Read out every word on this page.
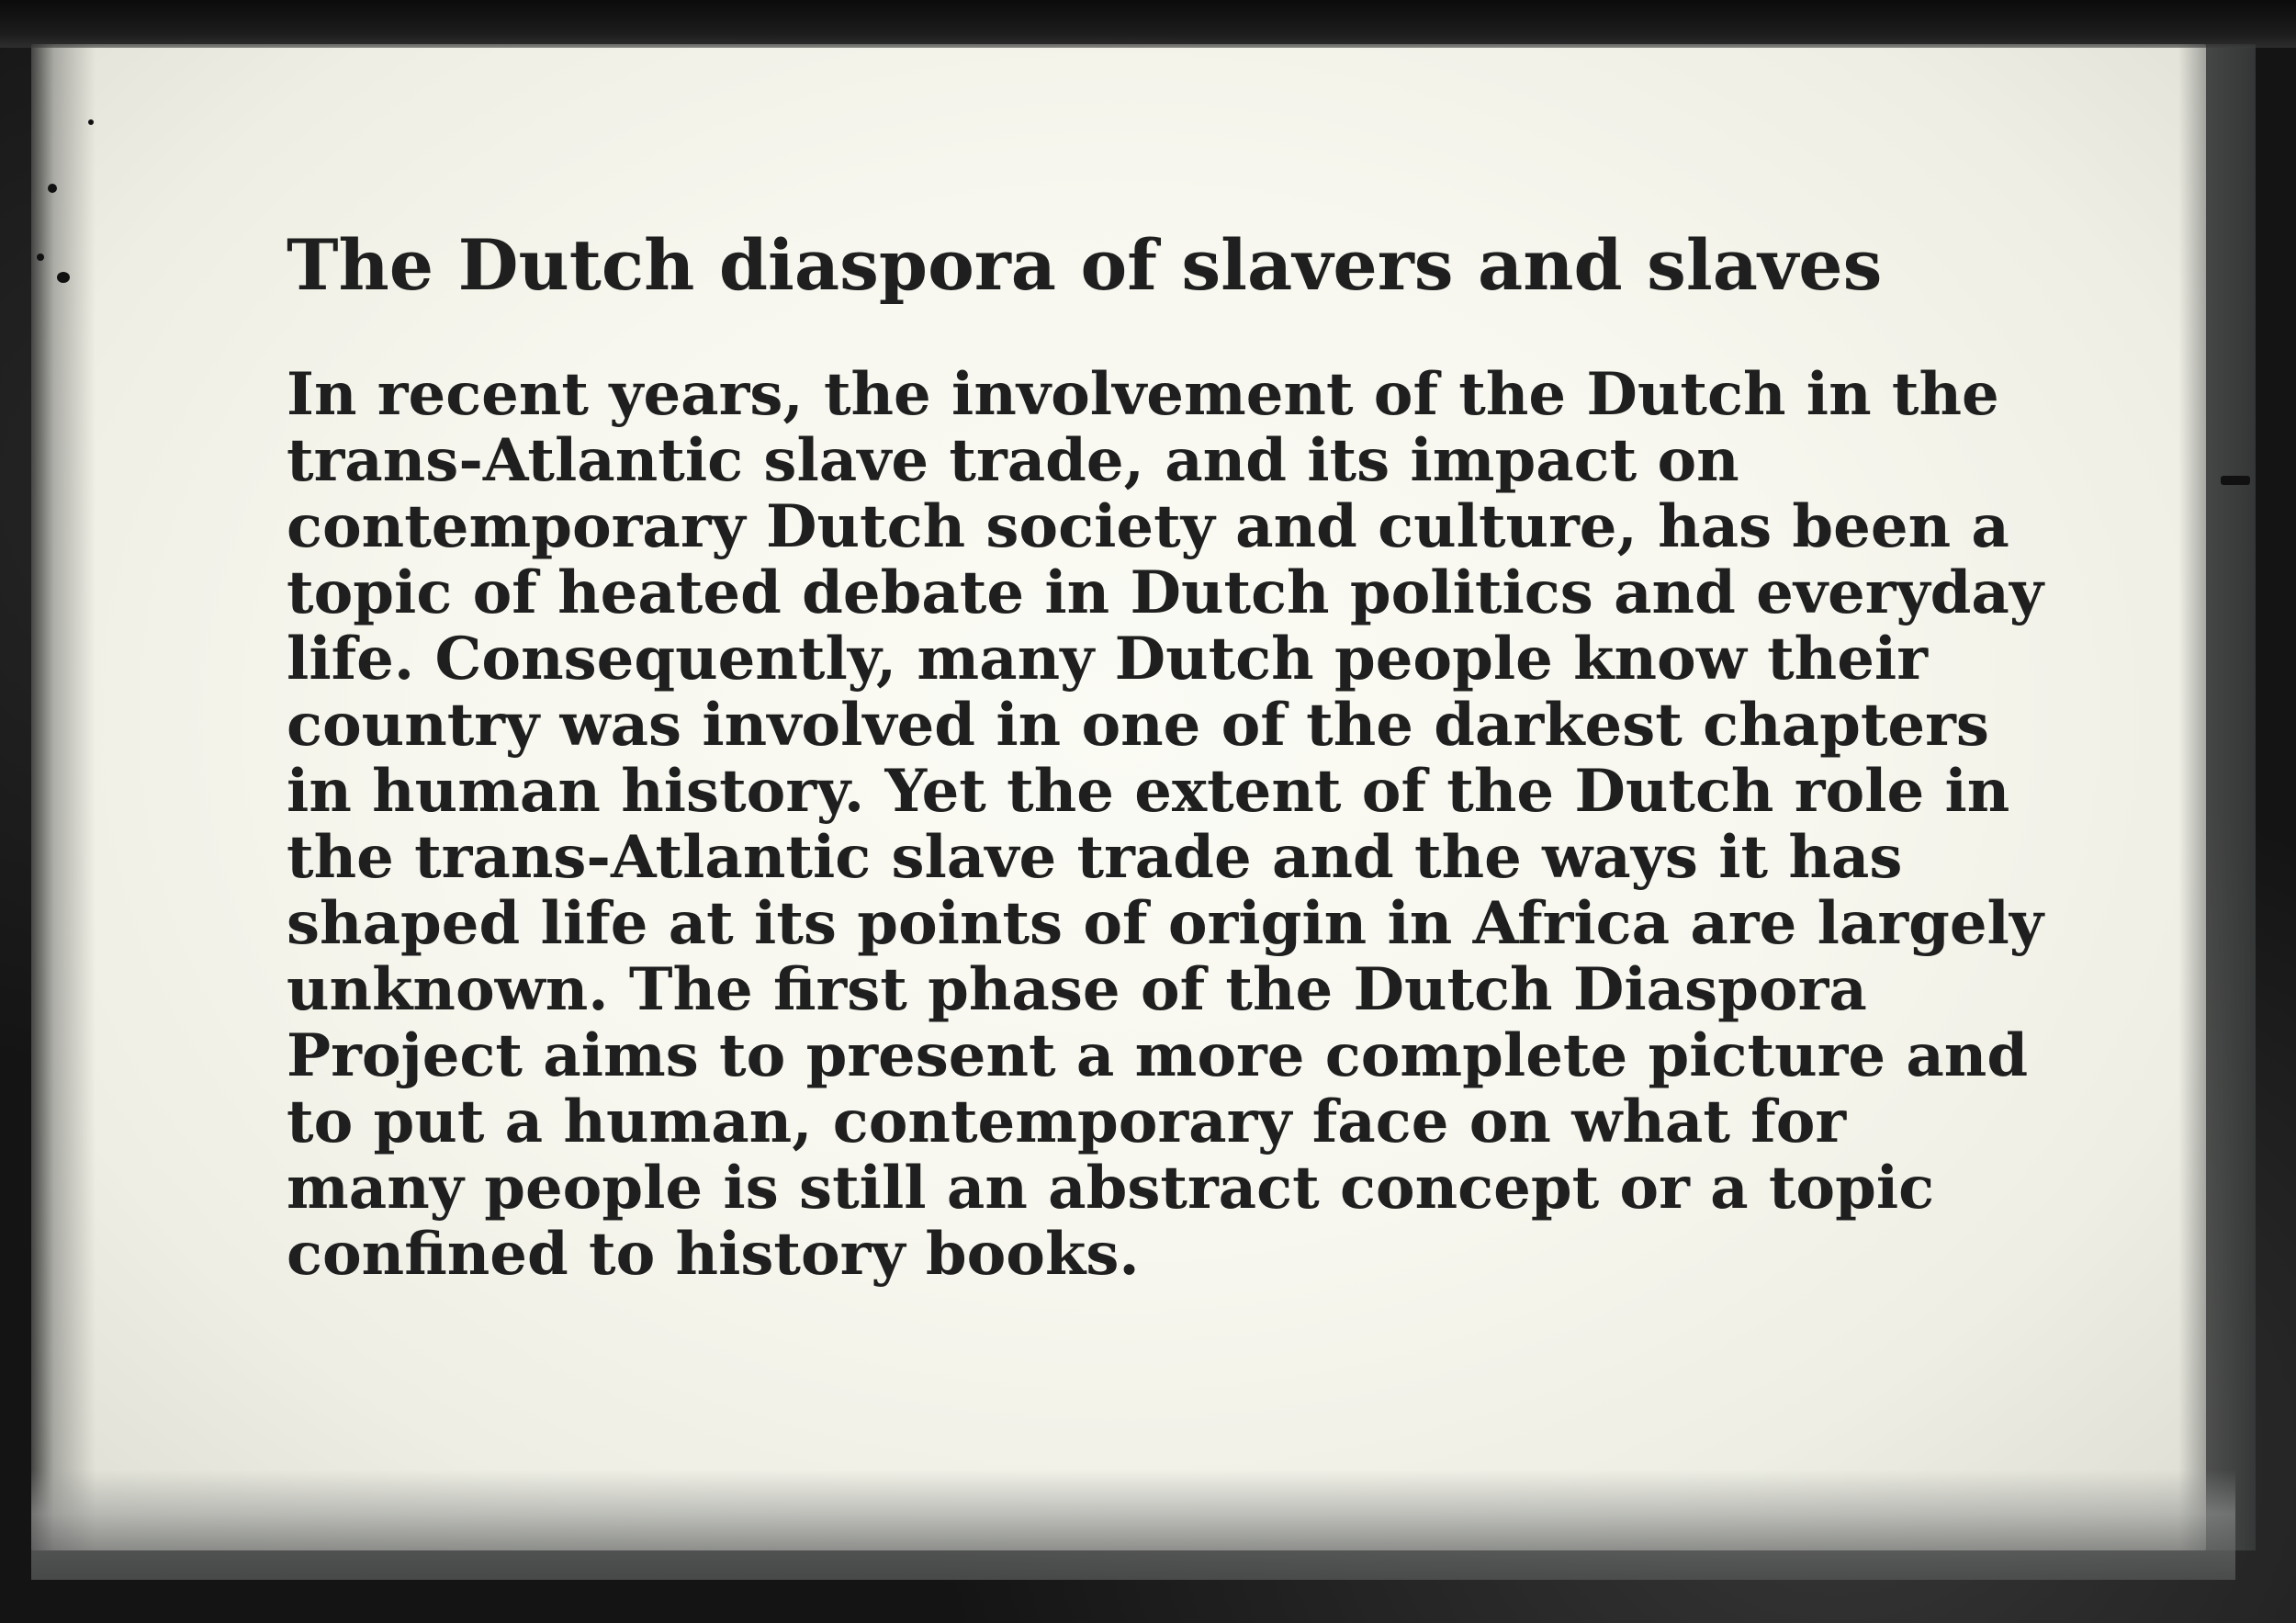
The Dutch diaspora of slavers and slaves

In recent years, the involvement of the Dutch in the
trans-Atlantic slave trade, and its impact on
contemporary Dutch society and culture, has been a
topic of heated debate in Dutch politics and everyday
life. Consequently, many Dutch people know their
country was involved in one of the darkest chapters
in human history. Yet the extent of the Dutch role in
the trans-Atlantic slave trade and the ways it has
shaped life at its points of origin in Africa are largely
unknown. The first phase of the Dutch Diaspora
Project aims to present a more complete picture and
to put a human, contemporary face on what for
many people is still an abstract concept or a topic
confined to history books.
